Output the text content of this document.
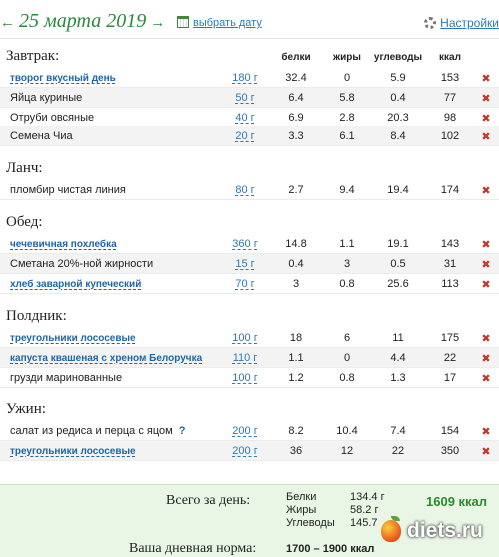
← 25 марта 2019 →	выбрать дату	Настройки
белки	жиры	углеводы	ккал
Завтрак:
творог вкусный день	180 г	32.4	0	5.9	153	✖
Яйца куриные	50 г	6.4	5.8	0.4	77	✖
Отруби овсяные	40 г	6.9	2.8	20.3	98	✖
Семена Чиа	20 г	3.3	6.1	8.4	102	✖
Ланч:
пломбир чистая линия	80 г	2.7	9.4	19.4	174	✖
Обед:
чечевичная похлебка	360 г	14.8	1.1	19.1	143	✖
Сметана 20%-ной жирности	15 г	0.4	3	0.5	31	✖
хлеб заварной купеческий	70 г	3	0.8	25.6	113	✖
Полдник:
треугольники лососевые	100 г	18	6	11	175	✖
капуста квашеная с хреном Белоручка	110 г	1.1	0	4.4	22	✖
грузди маринованные	100 г	1.2	0.8	1.3	17	✖
Ужин:
салат из редиса и перца с яцом ?	200 г	8.2	10.4	7.4	154	✖
треугольники лососевые	200 г	36	12	22	350	✖
Всего за день:	Белки	134.4 г
Жиры	58.2 г
Углеводы 145.7
1609 ккал
Ваша дневная норма:	1700 – 1900 ккал
diets.ru
